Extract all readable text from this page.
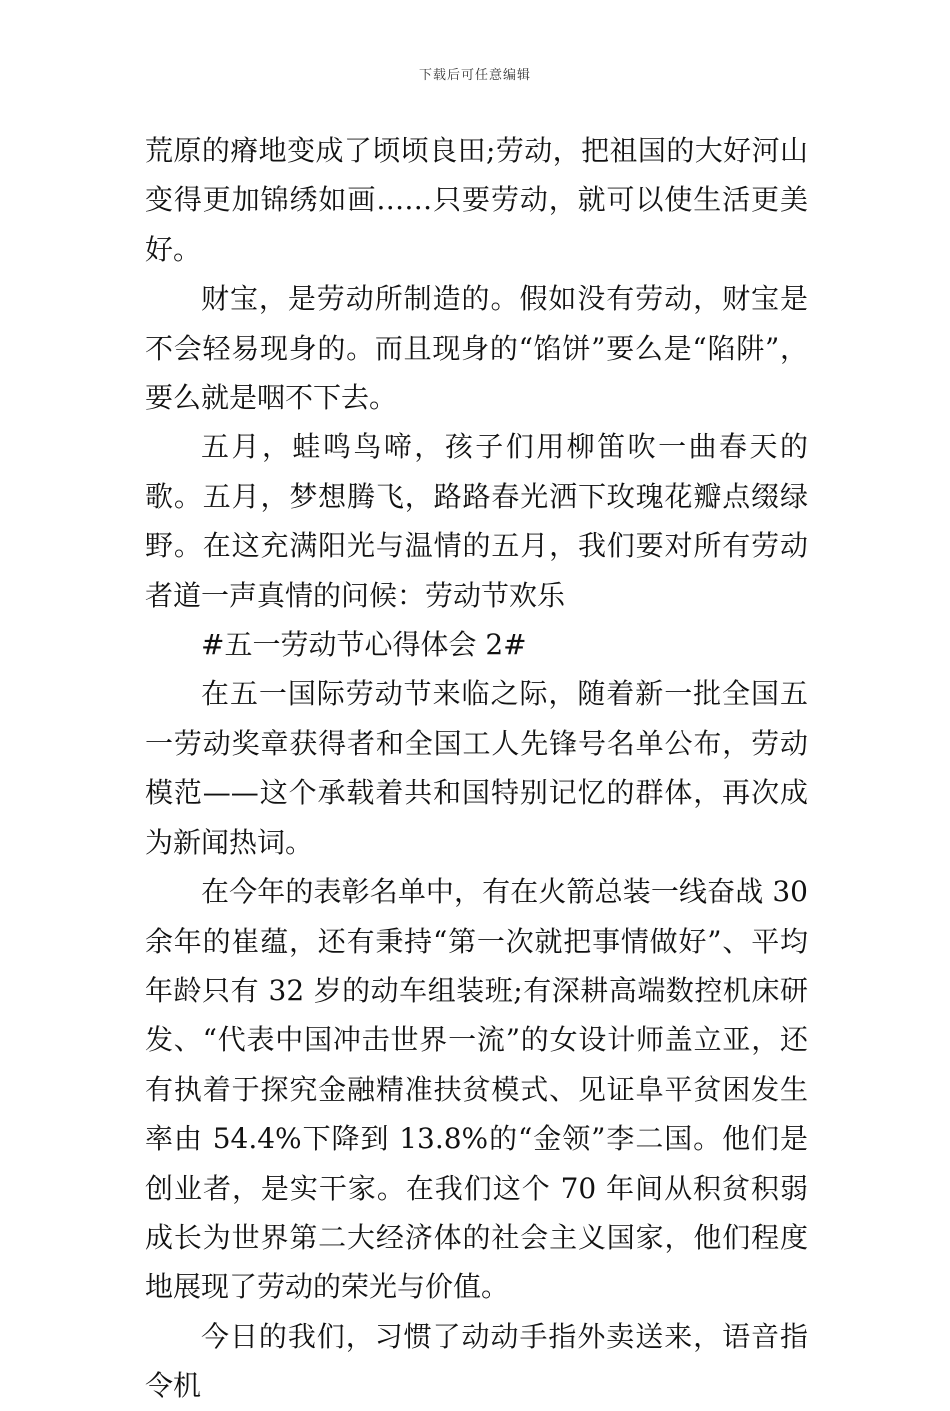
下载后可任意编辑

荒原的瘠地变成了顷顷良田;劳动，把祖国的大好河山变得更加锦绣如画……只要劳动，就可以使生活更美好。

财宝，是劳动所制造的。假如没有劳动，财宝是不会轻易现身的。而且现身的“馅饼”要么是“陷阱”，要么就是咽不下去。

五月，蛙鸣鸟啼，孩子们用柳笛吹一曲春天的歌。五月，梦想腾飞，路路春光洒下玫瑰花瓣点缀绿野。在这充满阳光与温情的五月，我们要对所有劳动者道一声真情的问候：劳动节欢乐

#五一劳动节心得体会 2#

在五一国际劳动节来临之际，随着新一批全国五一劳动奖章获得者和全国工人先锋号名单公布，劳动模范——这个承载着共和国特别记忆的群体，再次成为新闻热词。

在今年的表彰名单中，有在火箭总装一线奋战 30 余年的崔蕴，还有秉持“第一次就把事情做好”、平均年龄只有 32 岁的动车组装班;有深耕高端数控机床研发、“代表中国冲击世界一流”的女设计师盖立亚，还有执着于探究金融精准扶贫模式、见证阜平贫困发生率由 54.4%下降到 13.8%的“金领”李二国。他们是创业者，是实干家。在我们这个 70 年间从积贫积弱成长为世界第二大经济体的社会主义国家，他们程度地展现了劳动的荣光与价值。

今日的我们，习惯了动动手指外卖送来，语音指令机
